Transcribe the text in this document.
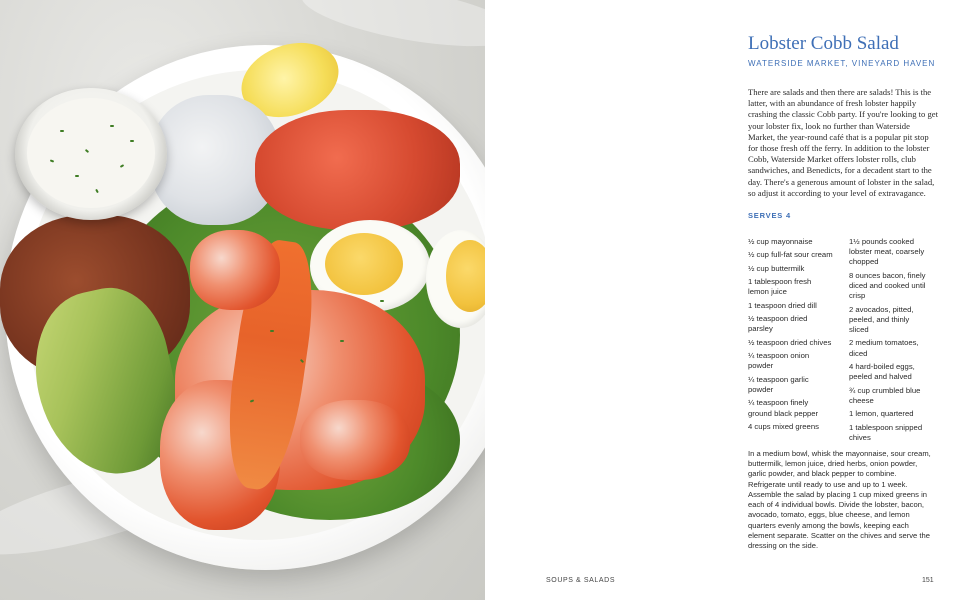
Lobster Cobb Salad
WATERSIDE MARKET, VINEYARD HAVEN

There are salads and then there are salads! This is the latter, with an abundance of fresh lobster happily crashing the classic Cobb party. If you're looking to get your lobster fix, look no further than Waterside Market, the year-round café that is a popular pit stop for those fresh off the ferry. In addition to the lobster Cobb, Waterside Market offers lobster rolls, club sandwiches, and Benedicts, for a decadent start to the day. There's a generous amount of lobster in the salad, so adjust it according to your level of extravagance.

SERVES 4
½ cup mayonnaise
½ cup full-fat sour cream
½ cup buttermilk
1 tablespoon fresh lemon juice
1 teaspoon dried dill
½ teaspoon dried parsley
½ teaspoon dried chives
¼ teaspoon onion powder
¼ teaspoon garlic powder
¼ teaspoon finely ground black pepper
4 cups mixed greens
1½ pounds cooked lobster meat, coarsely chopped
8 ounces bacon, finely diced and cooked until crisp
2 avocados, pitted, peeled, and thinly sliced
2 medium tomatoes, diced
4 hard-boiled eggs, peeled and halved
¾ cup crumbled blue cheese
1 lemon, quartered
1 tablespoon snipped chives

In a medium bowl, whisk the mayonnaise, sour cream, buttermilk, lemon juice, dried herbs, onion powder, garlic powder, and black pepper to combine. Refrigerate until ready to use and up to 1 week.

Assemble the salad by placing 1 cup mixed greens in each of 4 individual bowls. Divide the lobster, bacon, avocado, tomato, eggs, blue cheese, and lemon quarters evenly among the bowls, keeping each element separate. Scatter on the chives and serve the dressing on the side.

SOUPS & SALADS	151
